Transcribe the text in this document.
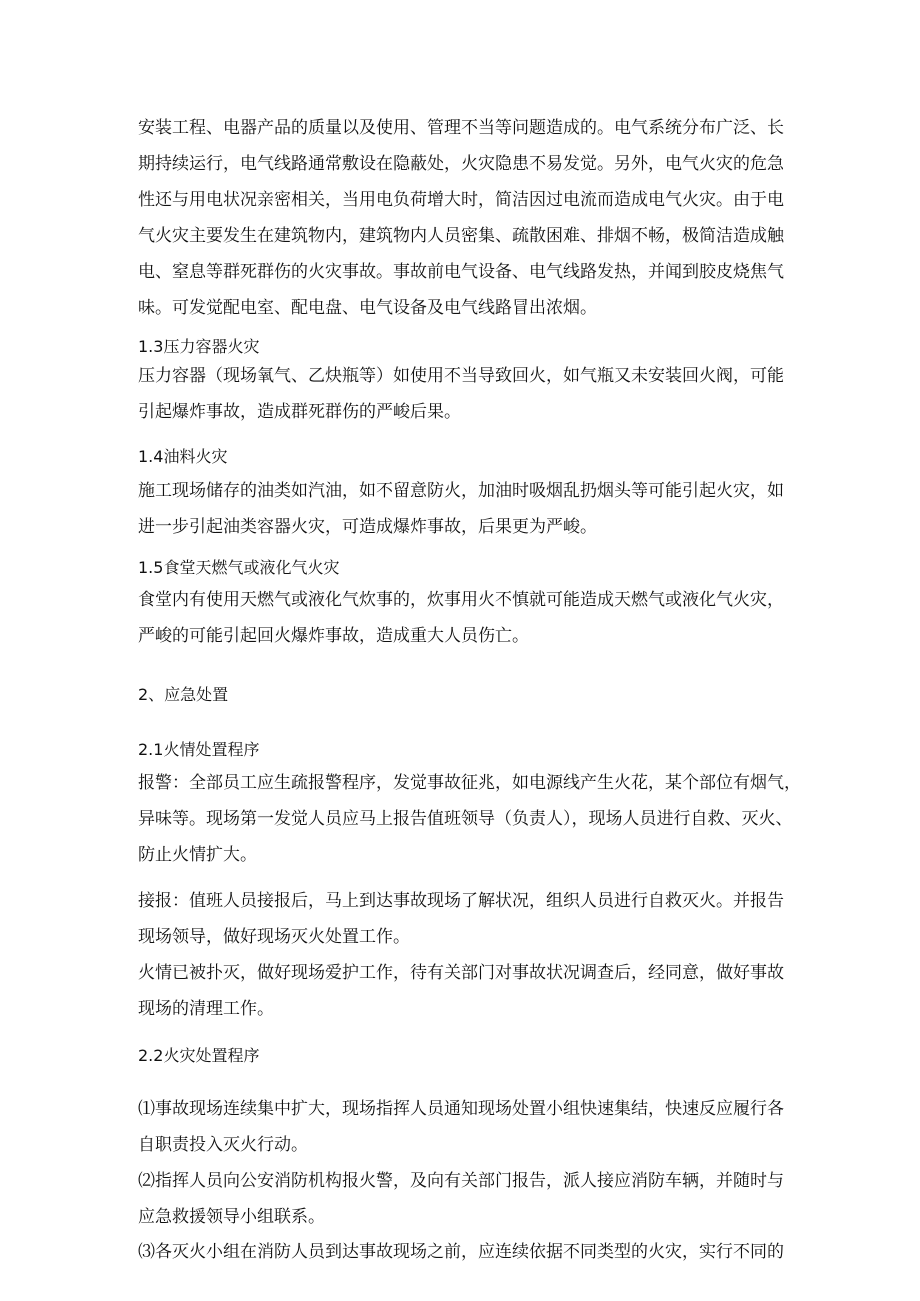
安装工程、电器产品的质量以及使用、管理不当等问题造成的。电气系统分布广泛、长
期持续运行，电气线路通常敷设在隐蔽处，火灾隐患不易发觉。另外，电气火灾的危急
性还与用电状况亲密相关，当用电负荷增大时，简洁因过电流而造成电气火灾。由于电
气火灾主要发生在建筑物内，建筑物内人员密集、疏散困难、排烟不畅，极简洁造成触
电、窒息等群死群伤的火灾事故。事故前电气设备、电气线路发热，并闻到胶皮烧焦气
味。可发觉配电室、配电盘、电气设备及电气线路冒出浓烟。
1.3压力容器火灾
压力容器（现场氧气、乙炔瓶等）如使用不当导致回火，如气瓶又未安装回火阀，可能
引起爆炸事故，造成群死群伤的严峻后果。
1.4油料火灾
施工现场储存的油类如汽油，如不留意防火，加油时吸烟乱扔烟头等可能引起火灾，如
进一步引起油类容器火灾，可造成爆炸事故，后果更为严峻。
1.5食堂天燃气或液化气火灾
食堂内有使用天燃气或液化气炊事的，炊事用火不慎就可能造成天燃气或液化气火灾，
严峻的可能引起回火爆炸事故，造成重大人员伤亡。
2、应急处置
2.1火情处置程序
报警：全部员工应生疏报警程序，发觉事故征兆，如电源线产生火花，某个部位有烟气，
异味等。现场第一发觉人员应马上报告值班领导（负责人），现场人员进行自救、灭火、
防止火情扩大。
接报：值班人员接报后，马上到达事故现场了解状况，组织人员进行自救灭火。并报告
现场领导，做好现场灭火处置工作。
火情已被扑灭，做好现场爱护工作，待有关部门对事故状况调查后，经同意，做好事故
现场的清理工作。
2.2火灾处置程序
⑴事故现场连续集中扩大，现场指挥人员通知现场处置小组快速集结，快速反应履行各
自职责投入灭火行动。
⑵指挥人员向公安消防机构报火警，及向有关部门报告，派人接应消防车辆，并随时与
应急救援领导小组联系。
⑶各灭火小组在消防人员到达事故现场之前，应连续依据不同类型的火灾，实行不同的
